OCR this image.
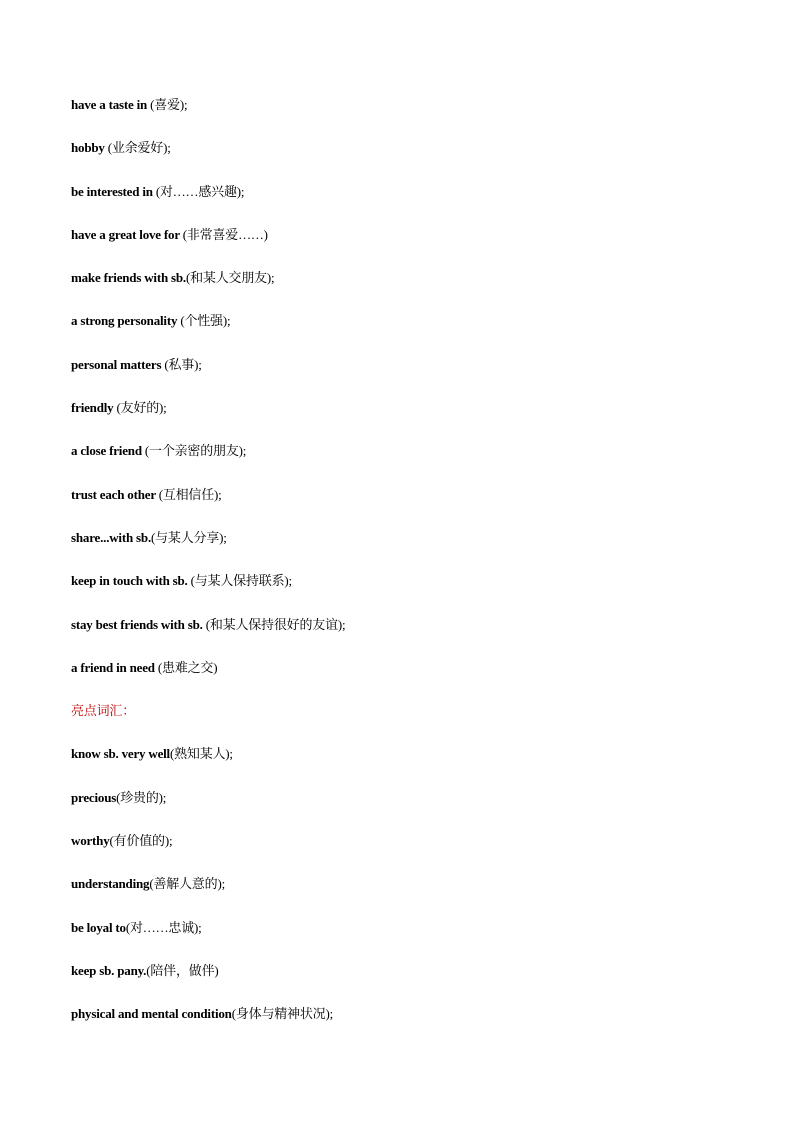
have a taste in (喜爱);
hobby (业余爱好);
be interested in (对……感兴趣);
have a great love for (非常喜爱……)
make friends with sb.(和某人交朋友);
a strong personality (个性强);
personal matters (私事);
friendly (友好的);
a close friend (一个亲密的朋友);
trust each other (互相信任);
share...with sb.(与某人分享);
keep in touch with sb. (与某人保持联系);
stay best friends with sb. (和某人保持很好的友谊);
a friend in need (患难之交)
亮点词汇：
know sb. very well(熟知某人);
precious(珍贵的);
worthy(有价值的);
understanding(善解人意的);
be loyal to(对……忠诚);
keep sb. pany.(陪伴，做伴)
physical and mental condition(身体与精神状况);
